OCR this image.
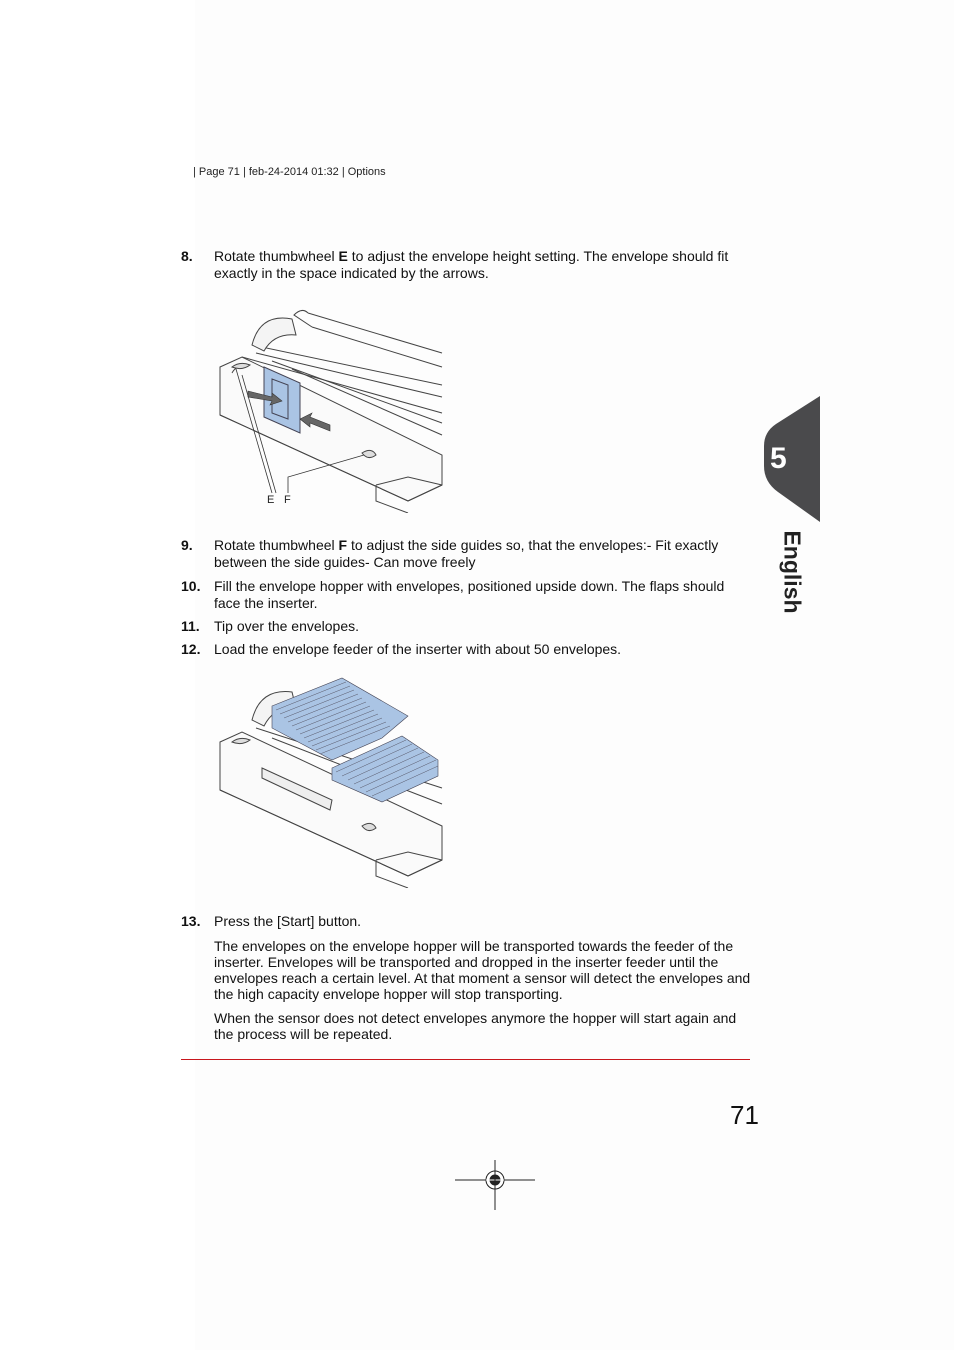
| Page 71 | feb-24-2014 01:32 | Options
8. Rotate thumbwheel E to adjust the envelope height setting. The envelope should fit exactly in the space indicated by the arrows.
E F
9. Rotate thumbwheel F to adjust the side guides so, that the envelopes:- Fit exactly between the side guides- Can move freely
10. Fill the envelope hopper with envelopes, positioned upside down. The flaps should face the inserter.
11. Tip over the envelopes.
12. Load the envelope feeder of the inserter with about 50 envelopes.
13. Press the [Start] button.
The envelopes on the envelope hopper will be transported towards the feeder of the inserter. Envelopes will be transported and dropped in the inserter feeder until the envelopes reach a certain level. At that moment a sensor will detect the envelopes and the high capacity envelope hopper will stop transporting.
When the sensor does not detect envelopes anymore the hopper will start again and the process will be repeated.
71
5
English
